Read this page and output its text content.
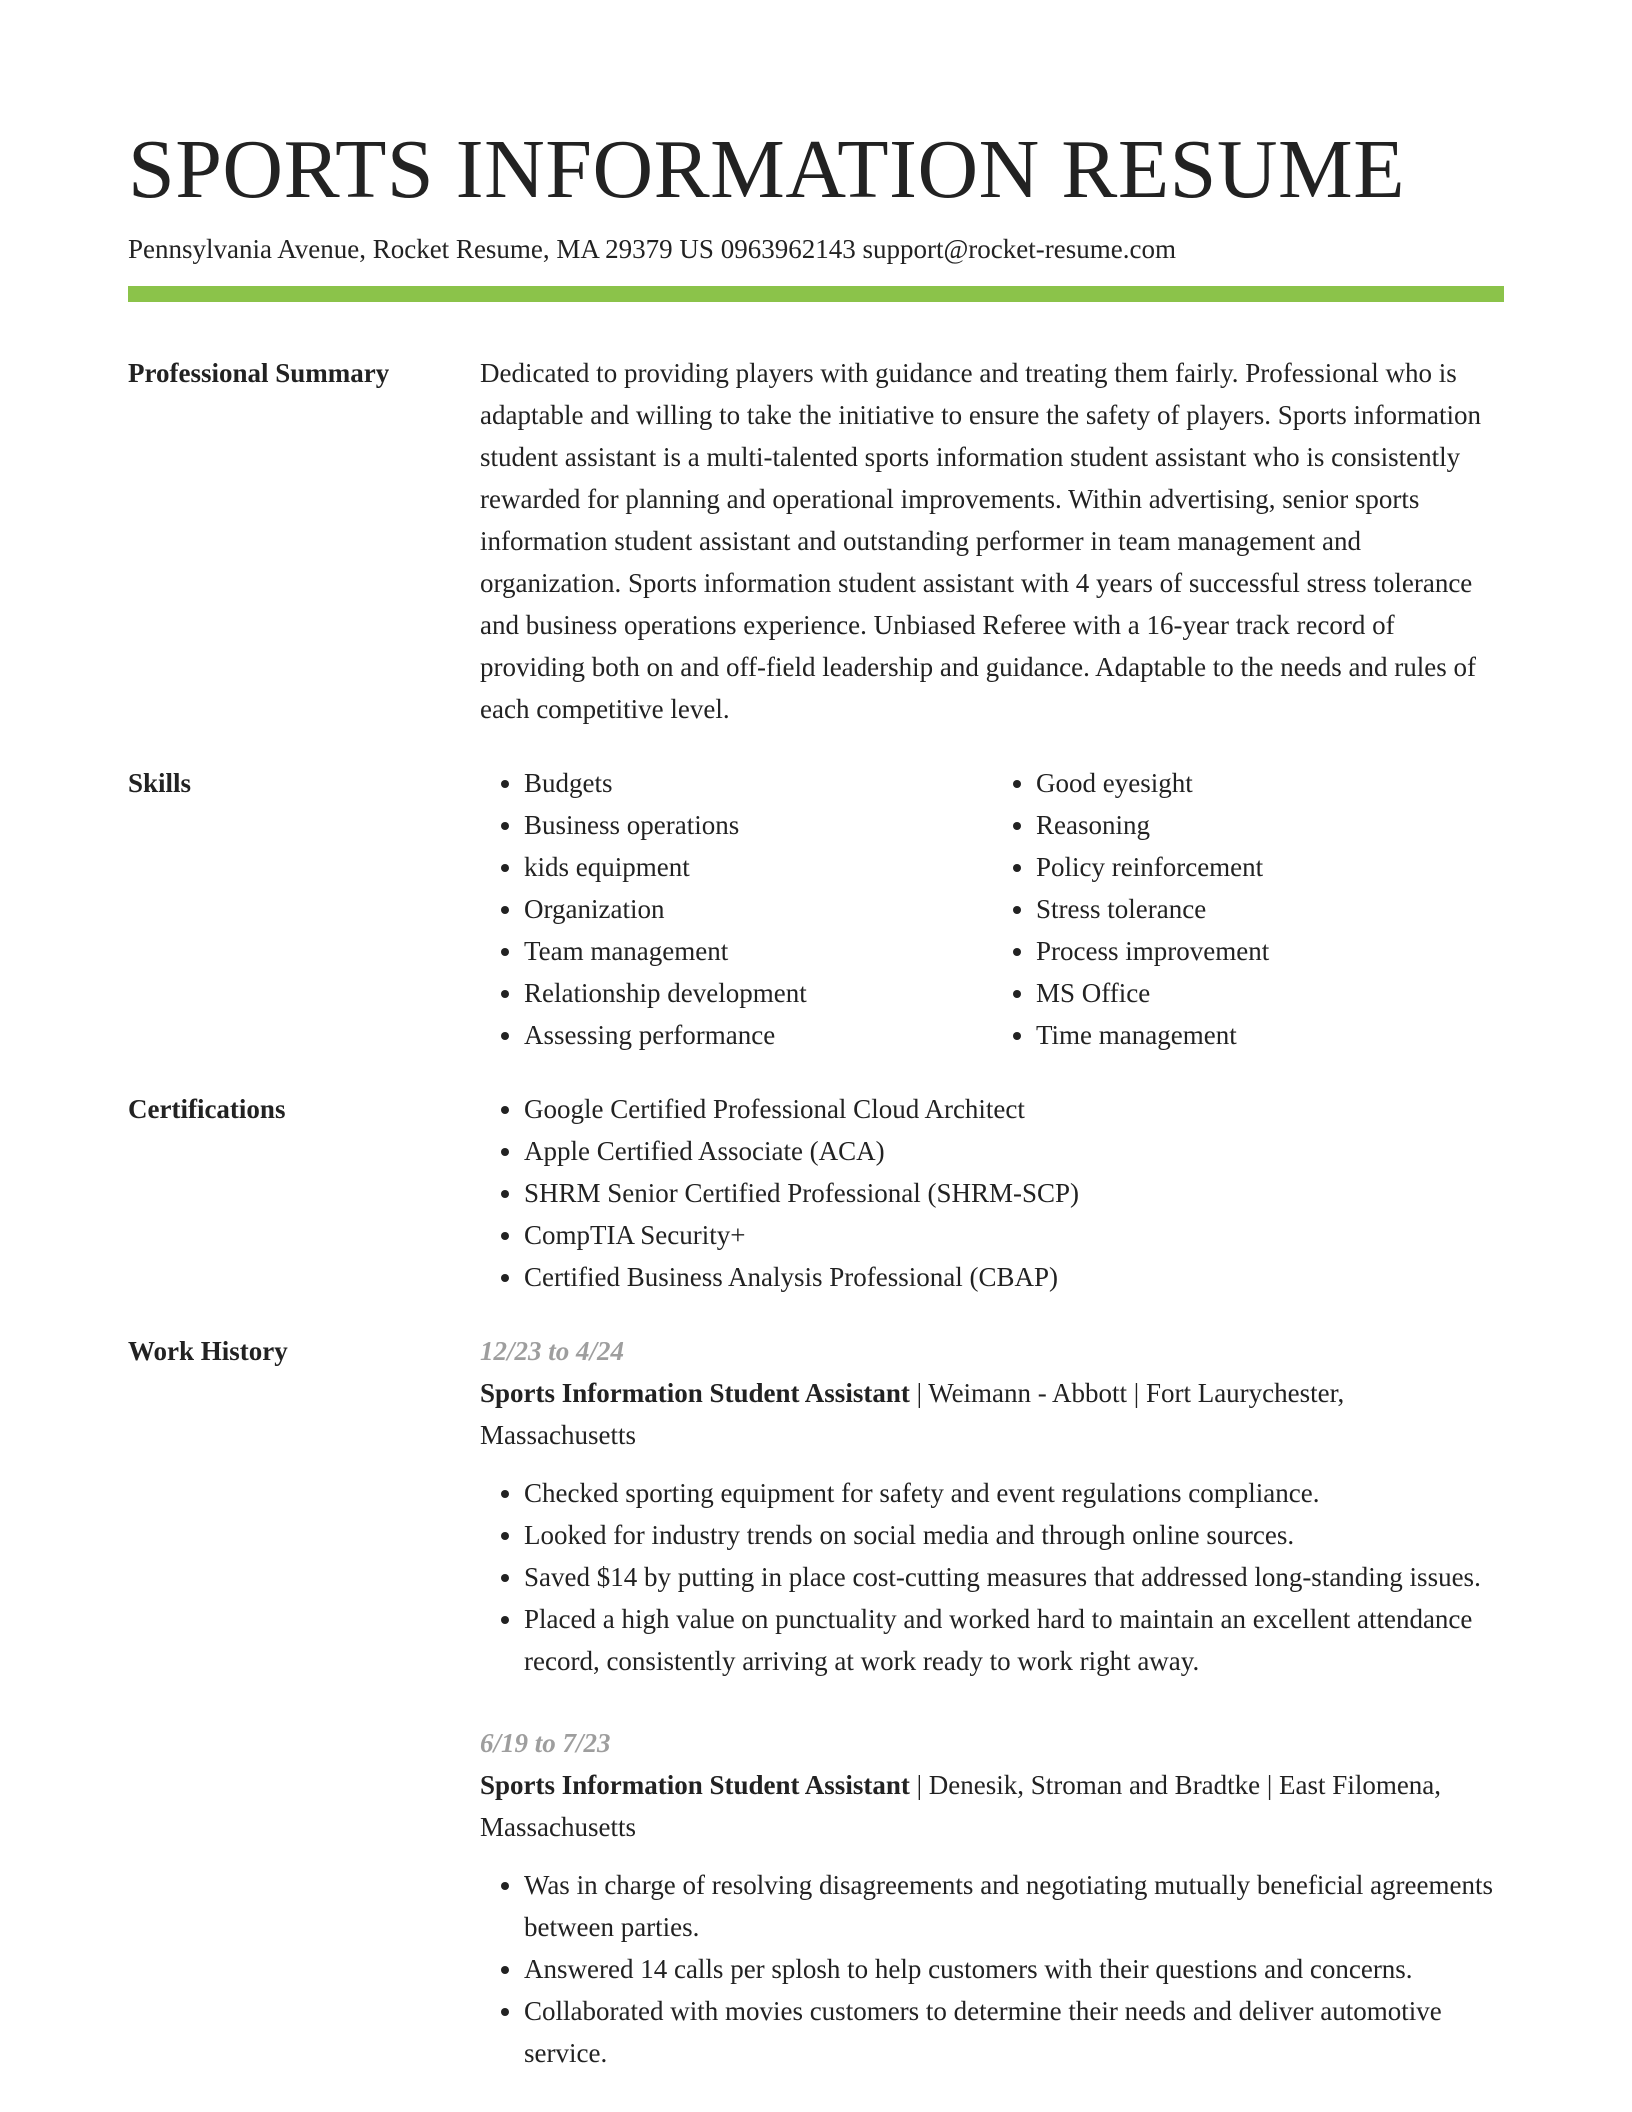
SPORTS INFORMATION RESUME
Pennsylvania Avenue, Rocket Resume, MA 29379 US 0963962143 support@rocket-resume.com
Professional Summary	Dedicated to providing players with guidance and treating them fairly. Professional who is adaptable and willing to take the initiative to ensure the safety of players. Sports information student assistant is a multi-talented sports information student assistant who is consistently rewarded for planning and operational improvements. Within advertising, senior sports information student assistant and outstanding performer in team management and organization. Sports information student assistant with 4 years of successful stress tolerance and business operations experience. Unbiased Referee with a 16-year track record of providing both on and off-field leadership and guidance. Adaptable to the needs and rules of each competitive level.

Skills	• Budgets
• Business operations
• kids equipment
• Organization
• Team management
• Relationship development
• Assessing performance
• Good eyesight
• Reasoning
• Policy reinforcement
• Stress tolerance
• Process improvement
• MS Office
• Time management
Certifications	• Google Certified Professional Cloud Architect
• Apple Certified Associate (ACA)
• SHRM Senior Certified Professional (SHRM-SCP)
• CompTIA Security+
• Certified Business Analysis Professional (CBAP)
Work History	12/23 to 4/24

Sports Information Student Assistant | Weimann - Abbott | Fort Laurychester, Massachusetts

• Checked sporting equipment for safety and event regulations compliance.
• Looked for industry trends on social media and through online sources.
• Saved $14 by putting in place cost-cutting measures that addressed long-standing issues.
• Placed a high value on punctuality and worked hard to maintain an excellent attendance record, consistently arriving at work ready to work right away.
6/19 to 7/23

Sports Information Student Assistant | Denesik, Stroman and Bradtke | East Filomena, Massachusetts

• Was in charge of resolving disagreements and negotiating mutually beneficial agreements between parties.
• Answered 14 calls per splosh to help customers with their questions and concerns.
• Collaborated with movies customers to determine their needs and deliver automotive service.
